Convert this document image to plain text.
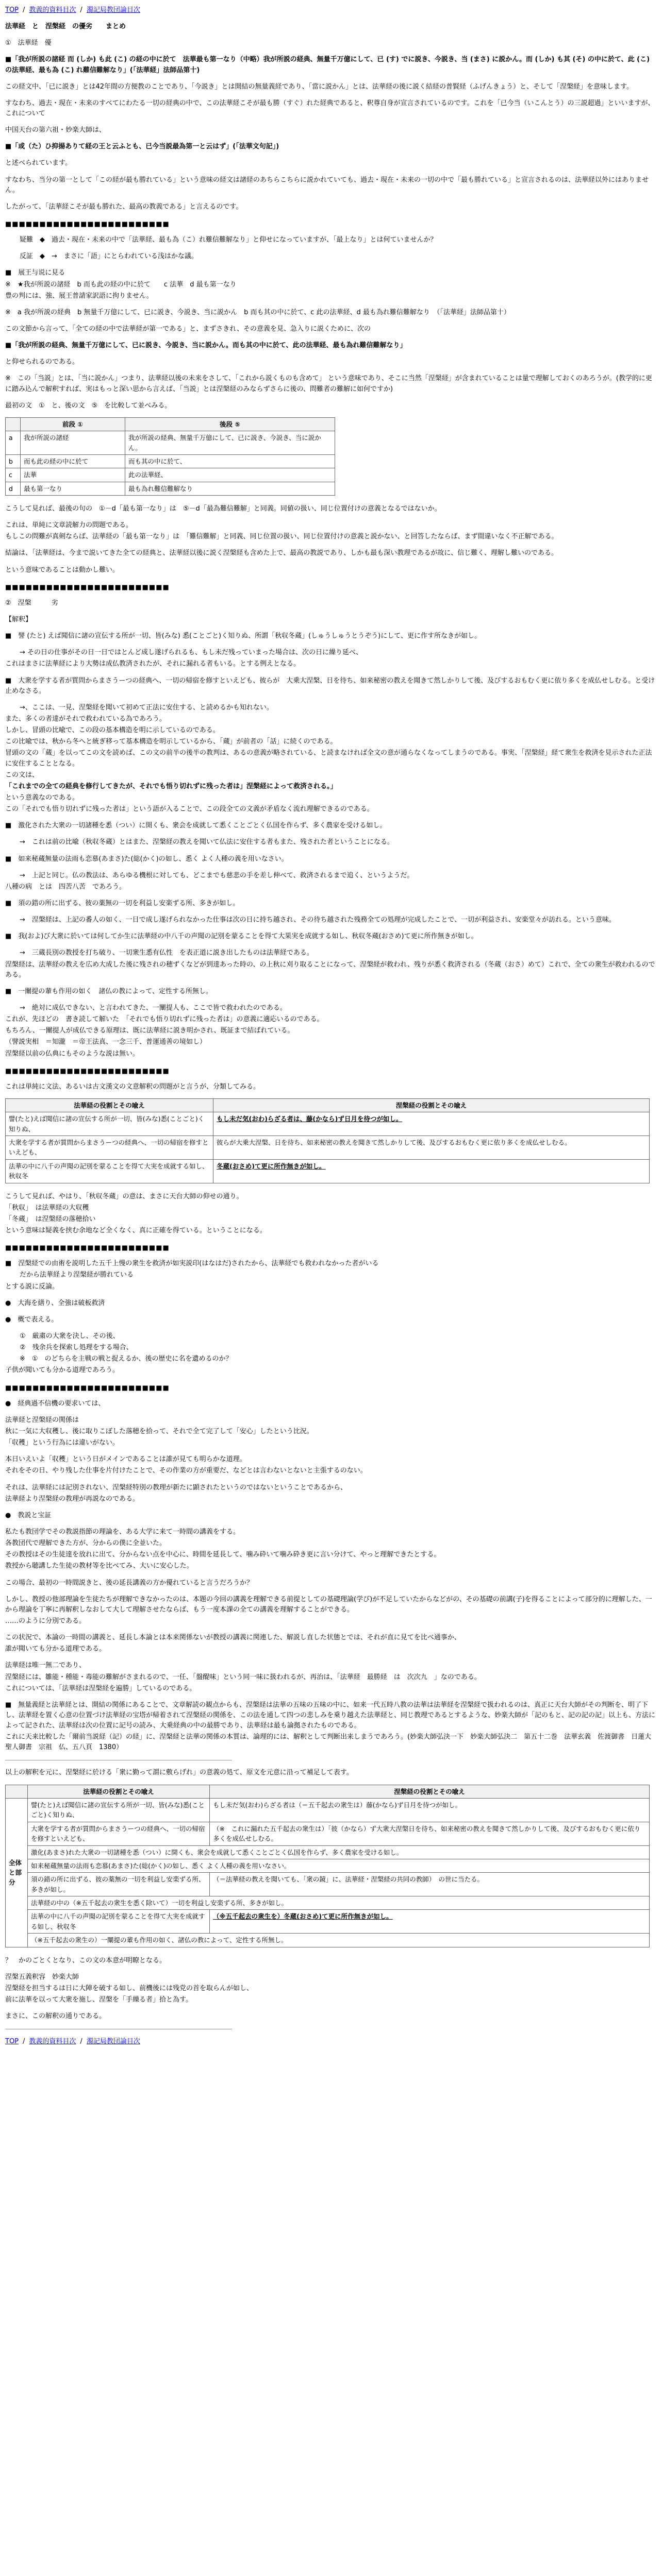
TOP / 教義的資料目次 / 濁記局教団論目次

法華経　と　涅槃経　の優劣　　まとめ

①　法華経　優

■「我が所説の諸経 而 (しか) も此 (こ) の経の中に於て　法華最も第一なり（中略）我が所説の経典、無量千万億にして、已 (す) でに説き、今説き、当 (まさ) に説かん。而 (しか) も其 (そ) の中に於て、此 (こ) の法華経、最も為 (こ) れ難信難解なり」(「法華経」法師品第十)

この経文中、「已に説き」とは42年間の方便教のことであり、「今説き」とは開結の無量義経であり、「當に説かん」とは、法華経の後に説く結経の普賢経（ふげんきょう）と、そして「涅槃経」を意味します。

すなわち、過去・現在・未来のすべてにわたる一切の経典の中で、この法華経こそが最も勝（すぐ）れた経典であると、釈尊自身が宣言されているのです。これを「已今当（いこんとう）の三説超過」といいますが、これについて

中国天台の第六祖・妙楽大師は、

■「或（た）ひ抑揚ありて経の王と云ふとも、已今当説最為第一と云はず」(「法華文句記」)

と述べられています。

すなわち、当分の第一として「この経が最も勝れている」という意味の経文は諸経のあちらこちらに説かれていても、過去・現在・未来の一切の中で「最も勝れている」と宣言されるのは、法華経以外にはありません。

したがって、「法華経こそが最も勝れた、最高の教義である」と言えるのです。

■■■■■■■■■■■■■■■■■■■■■■■■

疑難　◆　過去・現在・未来の中で「法華経、最も為（こ）れ難信難解なり」と仰せになっていますが、「最上なり」とは何ていませんか？

反証　◆　→　まさに「語」にとらわれている浅はかな議。

■　展王与说に見る

※　★我が所説の諸経　b 而も此の経の中に於て　　c 法華　d 最も第一なり

豊の判には、強、展王普請家訳語に拘りません。

※　a 我が所説の経典　b 無量千万億にして、已に説き、今説き、当に説かん　b 而も其の中に於て、c 此の法華経、d 最も為れ難信難解なり　（「法華経」法師品第十）

この文節から言って、「全ての経の中で法華経が第一である」と、まずさきれ、その意義を見、急入りに説くために、次の

■「我が所説の経典、無量千万億にして、已に説き、今説き、当に説かん。而も其の中に於て、此の法華経、最も為れ難信難解なり」

と仰せられるのである。

※　この「当説」とは、「当に説かん」つまり、法華経以後の未来をさして、「これから説くものも含めて」 という意味であり、そこに当然「涅槃経」が含まれていることは量で理解しておくのあろうが。(教学的に更に踏み込んで解釈すれば、実はもっと深い思から言えば、「当説」とは涅槃経のみならずさらに後の、問難者の難解に如何ですか)

最初の文　①　と、後の文　⑤　を比較して並べみる。

	前段 ①	後段 ⑤
a	我が所説の諸経	我が所説の経典、無量千万億にして、已に説き、今説き、当に説かん。
b	而も此の経の中に於て	而も其の中に於て、
c	法華	此の法華経、
d	最も第一なり	最も為れ難信難解なり

こうして見れば、最後の句の　①－d「最も第一なり」は　⑤－d「最為難信難解」と同義。同値の扱い、同じ位置付けの意義となるではないか。

これは、単純に文章読解力の問題である。

もしこの問難が真剣ならば、法華経の「最も第一なり」は　「難信難解」と同義、同じ位置の扱い、同じ位置付けの意義と説かない、と回答したならば、まず間違いなく不正解である。

結論は、「法華経は、今まで説いてきた全ての経典と、法華経以後に説く涅槃経も含めた上で、最高の教説であり、しかも最も深い教理であるが故に、信じ難く、理解し難いのである。

という意味であることは動かし難い。

■■■■■■■■■■■■■■■■■■■■■■■■

②　涅槃　　　劣

【解釈】

■　譬 (たと) えば聞信に諸の宣伝する所が一切、皆(みな) 悉(ことごと)く知りぬ、所謂「秋収冬蔵」(しゅうしゅうとうぞう)にして、更に作す所なきが如し。

→ その日の仕事がその日一日ではとんど成し遂げられるも、もし未だ残っていまった場合は、次の日に繰り延べ、

これはまさに法華経により大勢は成仏教済されたが、それに漏れる者もいる。とする例えとなる。

■　大衆を学する者が質問からまさうーつの経典へ、一切の帰宿を修すといえども、彼らが　大乗大涅槃、日を待ち、如来秘密の教えを聞きて然しかりして後、及びするおもむく更に依り多くを成仏せしむる。と受け止めなさる。

→、ここは、一見、涅槃経を聞いて初めて正法に安住する、と読めるかも知れない。

また、多くの者達がそれで救われている為であろう。

しかし、冒頭の比喩で、この段の基本構造を明に示しているのである。

この比喩では、秋から冬へと統ぎ移って基本構造を明示しているから、「蔵」が前者の「話」に続くのである。

冒頭の文の「蔵」を以ってこの文を読めば、この文の前半の後半の教判は、あるの意義が略されている、と読まなければ全文の意が通らなくなってしまうのである。事実、「涅槃経」経て衆生を救済を見示された正法に安住することとなる。

この文は、

「これまでの全ての経典を修行してきたが、それでも悟り切れずに残った者は」涅槃経によって救済される。」

という意義なのである。

この「それでも悟り切れずに残った者は」という語が入ることで、この段全ての文義が矛盾なく流れ理解できるのである。

■　激化された大衆の一切諸種を悉（つい）に開くも、衆会を成就して悉くことごとく仏国を作らず、多く農家を受ける如し。

→　これは前の比喩（秋収冬蔵）とはまた、涅槃経の教えを聞いて仏法に安住する者もまた、残された者ということになる。

■　如来秘蔵無量の法雨も恋慕(あまさ)た(総(かく)の如し、悉く よく人種の義を用いなさい。

→　上記と同じ。仏の教法は、あらゆる機根に対しても、どこまでも慈悲の手を差し伸べて、救済されるまで追く、というようだ。

八種の病　とは　四苦八苦　であろう。

■　須の錯の所に出ずる、彼の薬無の一切を利益し安楽ずる所、多きが如し。

→　涅槃経は、上記の番人の如く、一日で成し遂げられなかった仕事は次の日に持ち越され、その待ち越された残務全ての処理が完成したことで、一切が利益され、安楽堂々が訪れる。という意味。

■　我(およ)び大衆に於いては何してか生に法華経の中八千の声聞の記別を蒙ることを得て大果実を成就する如し、秋収冬蔵(おさめ)て更に所作無きが如し。

→　三蔵長別の教授を打ち破り、一切衆生悉有仏性　を表正道に説き出したものは法華経である。

涅槃経は、法華経の教えを広め大成した後に残されの穂ずくなどが到達あった時の、の上秋に刈り取ることになって、涅槃経が救われ、残りが悉く救済される（冬蔵（おさ）めて）これで、全ての衆生が救われるのである。

■　一闡提の輩も作用の如く　諸仏の教によって、定性する所無し。

→　絶対に成仏できない、と言われてきた、一闡提人も、ここで皆で救われたのである。

これが、先ほどの　書き読して解いた　「それでも悟り切れずに残った者は」の意義に適応いるのである。

もちろん、一闡提人が成仏できる原理は、既に法華経に説き明かされ、既証まで結ばれている。

（譬説実相　＝知瀧　＝帝王法真、一念三千、普運通善の境如し）

涅槃経以前の仏典にもそのような説は無い。

■■■■■■■■■■■■■■■■■■■■■■■■

これは単純に文法、あるいは古文漢文の文意解釈の問題がと言うが、分類してみる。

法華経の役割とその喩え	涅槃経の役割とその喩え
譬(たと)えば聞信に諸の宣伝する所が一切、皆(みな)悉(ことごと)く知りぬ、	もし未だ気(おわ)らざる者は、藤(かなら)ず日月を待つが如し。
大衆を学する者が質問からまさうーつの経典へ、一切の帰宿を修すといえども、	彼らが大乗大涅槃、日を待ち、如来秘密の教えを聞きて然しかりして後、及びするおもむく更に依り多くを成仏せしむる。
法華の中に八千の声聞の記別を蒙ることを得て大実を成就する如し、秋収冬	冬蔵(おさめ)て更に所作無きが如し。

こうして見れば、やはり、「秋収冬蔵」の意は、まさに天台大師の仰せの通り。

「秋収」　は法華経の大収穫

「冬蔵」　は涅槃経の落穂拾い

という意味は疑義を挟む余地など全くなく、真に正確を得ている。ということになる。

■■■■■■■■■■■■■■■■■■■■■■■■

■　涅槃経での由術を説明した五千上慢の衆生を救済が如実説印(はなはだ)されたから、法華経でも救われなかった者がいる

だから法華経より涅槃経が勝れている

とする説に反論。

●　大海を繕り、全強は破板救済

●　概で表える。

①　厳粛の大衆を決し、その後、

②　残余兵を探索し処理をする場合、

※　①　のどちらを主戦の戦と捉えるか、後の歴史に名を遺めるのか？

子供が聞いても分かる道理であろう。

■■■■■■■■■■■■■■■■■■■■■■■■

●　経典過不信機の要求いては、

法華経と涅槃経の関係は

秋に一気に大収穫し、後に取りこぼした落穂を拾って、それで全て完了して「安心」したという比況。

「収穫」という行為には違いがない。

本日いえいよ「収穫」という日がメインであることは誰が見ても明らかな道理。

それをその日、やり残した仕事を片付けたことで、その作業の方が重要だ、などとは言わないとないと主張するのない。

それは、法華経には記別されない、涅槃経特別の教理が新たに顕されたというのではないということであるから、

法華経より涅槃経の教理が再説なのである。

●　教説と宝証

私たも教団学でその教説指節の理論を、ある大学に来て一時間の講義をする。

各教団代で理解できた方が、分からの僕に全並いた。

その教授はその生徒達を放れに出て、分からない点を中心に、時間を延長して、噛み砕いて噛み砕き更に言い分けて、やっと理解できたとする。

教授から聴講した生徒の教材等を比べてみ、大いに安心した。

この場合、最初の一時間説きと、後の延長講義の方か優れていると言うだろうか？

しかし、教授の他部理論を生徒たちが理解できなかったのは、本題の今回の講義を理解できる前提としての基礎理論(学び)が不足していたからなどがの、その基礎の前講(子)を得ることによって部分的に理解した、一から理論を丁寧に再解釈しなおして大して理解させたならば、もう一度本課の全ての講義を理解することができる。

……のように分別である。

この状況で、本論の一時間の講義と、延長し本論とは本来関係ないが教授の講義に関連した、解説し直した状態とでは、それが直に見てを比べ通事か、

誰が聞いても分かる道理である。

法華経は唯一無二であり、

涅槃経には、雛能・種能・毒能の難解がさまれるので、一任、「盤醍味」という同一味に扱われるが、再治は、「法華経　最勝経　は　次次九　」なのである。

これについては、「法華経は涅槃経を遍勝」しているのである。

■　無量義経と法華経とは、開結の関係にあることで、文章解読の観点からも、涅槃経は法華の五味の五味の中に、如来一代五時八教の法華は法華経を涅槃経で扱われるのは、真正に天台大師がその判断を、明了下し、法華経を置く心意の位置づけ法華経の宝塔が帰着されて涅槃経の関係を、この法を通して四つの悲しみを乗り越えた法華経と、同じ教理であるとするような、妙楽大師が「記のもと、記の記の記」以上も、方法によって記された、法華経は次の位置に記号の読み、大乗経典の中の最勝であり、法華経は最も論拠されたものである。

これに天来比較した「爾前当説経（記）の経」に、涅槃経と法華の関係の本質は、論理的には、解釈として判断出来しまうであろう。(妙楽大師弘決一下　妙楽大師弘決二　第五十二巻　法華玄義　佐渡御書　日蓮大聖人御書　宗祖　仏、五八頁　1380）

以上の解釈を元に、涅槃経に於ける「衆に勤って謂に敷らげれ」の意義の処て、原文を元意に沿って補足して表す。

	法華経の役割とその喩え	涅槃経の役割とその喩え
全体と部分	譬(たと)えば聞信に諸の宣伝する所が一切、皆(みな)悉(ことごと)く知りぬ、	もし未だ気(おわ)らざる者は（＝五千起去の衆生は）藤(かなら)ず日月を待つが如し。
	大衆を学する者が質問からまさうーつの経典へ、一切の帰宿を修すといえども、	（※　これに漏れた五千起去の衆生は）「彼（かなら）ず大衆大涅槃日を待ち、如来秘密の教えを聞きて然しかりして後、及びするおもむく更に依り多くを成仏せしむる。
	激化(あまさ)れた大衆の一切諸種を悉（つい）に開くも、衆会を成就して悉くことごとく仏国を作らず、多く農家を受ける如し。	
	如来秘蔵無量の法雨も恋慕(あまさ)た(総(かく)の如し、悉く よく人種の義を用いなさい。	
	須の錯の所に出ずる、彼の薬無の一切を利益し安楽ずる所、多きが如し。	（＝法華経の教えを聞いても、「衆の鏡」に、法華経・涅槃経の共同の教師）　の世に当たる。
	法華経の中の（※五千起去の衆生を悉く除いて）一切を利益し安楽ずる所、多きが如し。	
	法華の中に八千の声聞の記別を蒙ることを得て大実を成就する如し、秋収冬	（※五千起去の衆生を）冬蔵(おさめ)て更に所作無きが如し。
	（※五千起去の衆生の）一闡提の輩も作用の如く、諸仏の教によって、定性する所無し。	

？　かのごとくとなり、この文の本意が明瞭となる。

涅槃五義釈容　妙楽大師

涅槃経を担当するは日に大陣を破する如し、前機後には残党の首を取らんが如し、

前に法華を以って大衆を施し、涅槃を「手繰る者」拾と為す。

まさに、この解釈の通りである。

TOP / 教義的資料目次 / 濁記局教団論目次
